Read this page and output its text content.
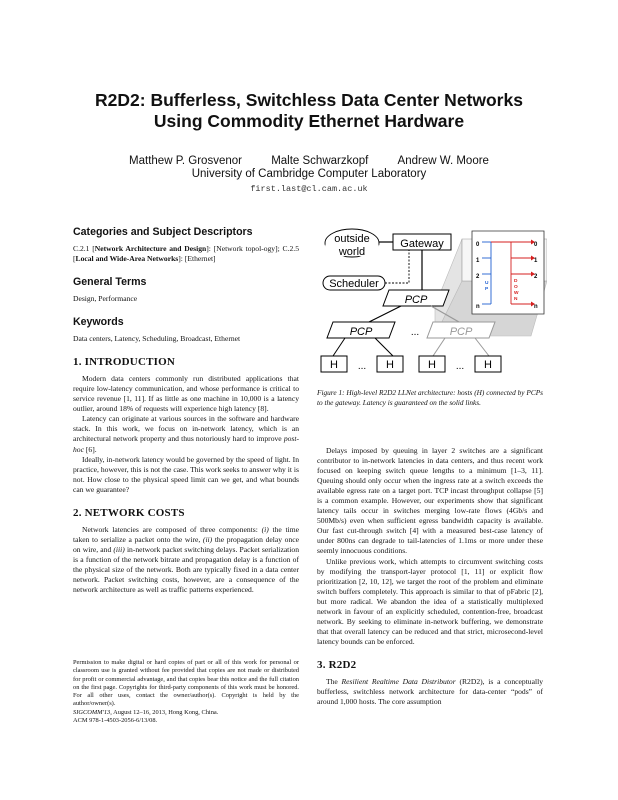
R2D2: Bufferless, Switchless Data Center Networks
Using Commodity Ethernet Hardware
Matthew P. Grosvenor	Malte Schwarzkopf	Andrew W. Moore
University of Cambridge Computer Laboratory
first.last@cl.cam.ac.uk
Categories and Subject Descriptors

C.2.1 [Network Architecture and Design]: [Network topol-ogy]; C.2.5 [Local and Wide-Area Networks]: [Ethernet]

General Terms

Design, Performance

Keywords

Data centers, Latency, Scheduling, Broadcast, Ethernet

1. INTRODUCTION

Modern data centers commonly run distributed applications that require low-latency communication, and whose performance is critical to service revenue [1, 11]. If as little as one machine in 10,000 is a latency outlier, around 18% of requests will experience high latency [8].

Latency can originate at various sources in the software and hardware stack. In this work, we focus on in-network latency, which is an architectural network property and thus notoriously hard to improve post-hoc [6].

Ideally, in-network latency would be governed by the speed of light. In practice, however, this is not the case. This work seeks to answer why it is not. How close to the physical speed limit can we get, and what bounds can we guarantee?

2. NETWORK COSTS

Network latencies are composed of three components: (i) the time taken to serialize a packet onto the wire, (ii) the propagation delay once on wire, and (iii) in-network packet switching delays. Packet serialization is a function of the network bitrate and propagation delay is a function of the physical size of the network. Both are typically fixed in a data center network. Packet switching costs, however, are a consequence of the network architecture as well as traffic patterns experienced.

Permission to make digital or hard copies of part or all of this work for personal or classroom use is granted without fee provided that copies are not made or distributed for profit or commercial advantage, and that copies bear this notice and the full citation on the first page. Copyrights for third-party components of this work must be honored. For all other uses, contact the owner/author(s). Copyright is held by the author/owner(s).
SIGCOMM'13, August 12–16, 2013, Hong Kong, China.
ACM 978-1-4503-2056-6/13/08.
0
1
2
n
0
1
2
n
U
P
D
O
W
N
outside
world
Gateway
Scheduler
PCP
PCP	...	PCP
H ... H	H ... H
Figure 1: High-level R2D2 LLNet architecture: hosts (H) connected by PCPs to the gateway. Latency is guaranteed on the solid links.

Delays imposed by queuing in layer 2 switches are a significant contributor to in-network latencies in data centers, and thus recent work focused on keeping switch queue lengths to a minimum [1–3, 11]. Queuing should only occur when the ingress rate at a switch exceeds the available egress rate on a target port. TCP incast throughput collapse [5] is a common example. However, our experiments show that significant latency tails occur in switches merging low-rate flows (4Gb/s and 500Mb/s) even when sufficient egress bandwidth capacity is available. Our fast cut-through switch [4] with a measured best-case latency of under 800ns can degrade to tail-latencies of 1.1ms or more under these seemly innocuous conditions.

Unlike previous work, which attempts to circumvent switching costs by modifying the transport-layer protocol [1, 11] or explicit flow prioritization [2, 10, 12], we target the root of the problem and eliminate switch buffers completely. This approach is similar to that of pFabric [2], but more radical. We abandon the idea of a statistically multiplexed network in favour of an explicitly scheduled, contention-free, broadcast network. By seeking to eliminate in-network buffering, we demonstrate that that overall latency can be reduced and that strict, microsecond-level latency bounds can be enforced.

3. R2D2

The Resilient Realtime Data Distributor (R2D2), is a conceptually bufferless, switchless network architecture for data-center “pods” of around 1,000 hosts. The core assumption
